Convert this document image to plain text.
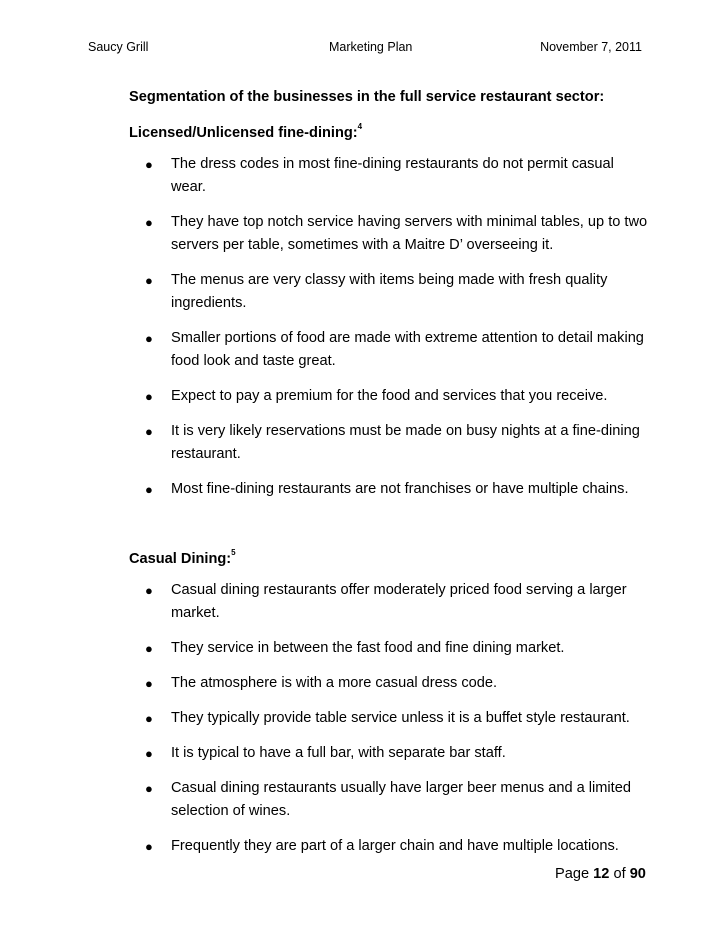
Saucy Grill	Marketing Plan	November 7, 2011

Segmentation of the businesses in the full service restaurant sector:

Licensed/Unlicensed fine-dining:$^4$

● The dress codes in most fine-dining restaurants do not permit casual wear.
● They have top notch service having servers with minimal tables, up to two servers per table, sometimes with a Maitre D’ overseeing it.
● The menus are very classy with items being made with fresh quality ingredients.
● Smaller portions of food are made with extreme attention to detail making food look and taste great.
● Expect to pay a premium for the food and services that you receive.
● It is very likely reservations must be made on busy nights at a fine-dining restaurant.
● Most fine-dining restaurants are not franchises or have multiple chains.

Casual Dining:$^5$

● Casual dining restaurants offer moderately priced food serving a larger market.
● They service in between the fast food and fine dining market.
● The atmosphere is with a more casual dress code.
● They typically provide table service unless it is a buffet style restaurant.
● It is typical to have a full bar, with separate bar staff.
● Casual dining restaurants usually have larger beer menus and a limited selection of wines.
● Frequently they are part of a larger chain and have multiple locations.
Page 12 of 90
